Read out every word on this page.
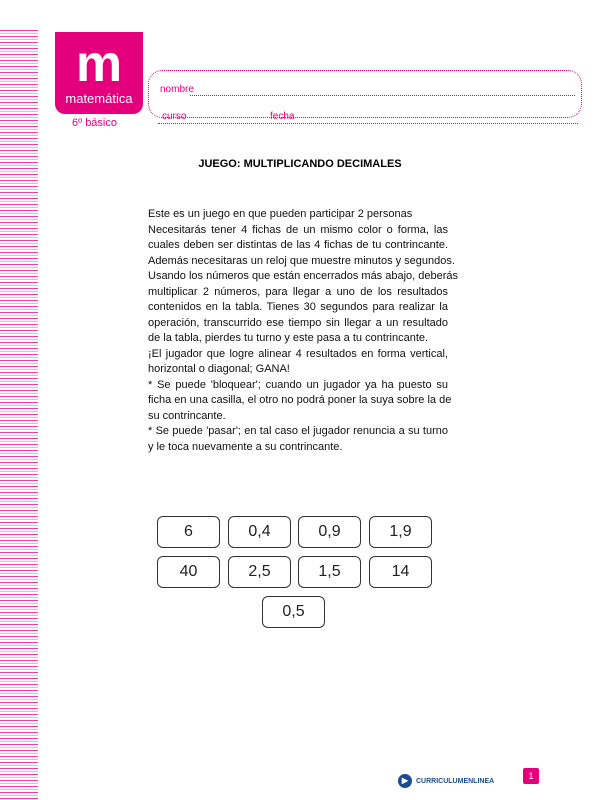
m
matemática
6º básico
nombre
curso	fecha
JUEGO: MULTIPLICANDO DECIMALES
Este es un juego en que pueden participar 2 personas
Necesitarás tener 4 fichas de un mismo color o forma, las
cuales deben ser distintas de las 4 fichas de tu contrincante.
Además necesitaras un reloj que muestre minutos y segundos.
Usando los números que están encerrados más abajo, deberás
multiplicar 2 números, para llegar a uno de los resultados
contenidos en la tabla. Tienes 30 segundos para realizar la
operación, transcurrido ese tiempo sin llegar a un resultado
de la tabla, pierdes tu turno y este pasa a tu contrincante.
¡El jugador que logre alinear 4 resultados en forma vertical,
horizontal o diagonal; GANA!
* Se puede 'bloquear'; cuando un jugador ya ha puesto su
ficha en una casilla, el otro no podrá poner la suya sobre la de
su contrincante.
* Se puede 'pasar'; en tal caso el jugador renuncia a su turno
y le toca nuevamente a su contrincante.
6	0,4	0,9	1,9
40	2,5	1,5	14
0,5
▶	CURRICULUMENLINEA	1
